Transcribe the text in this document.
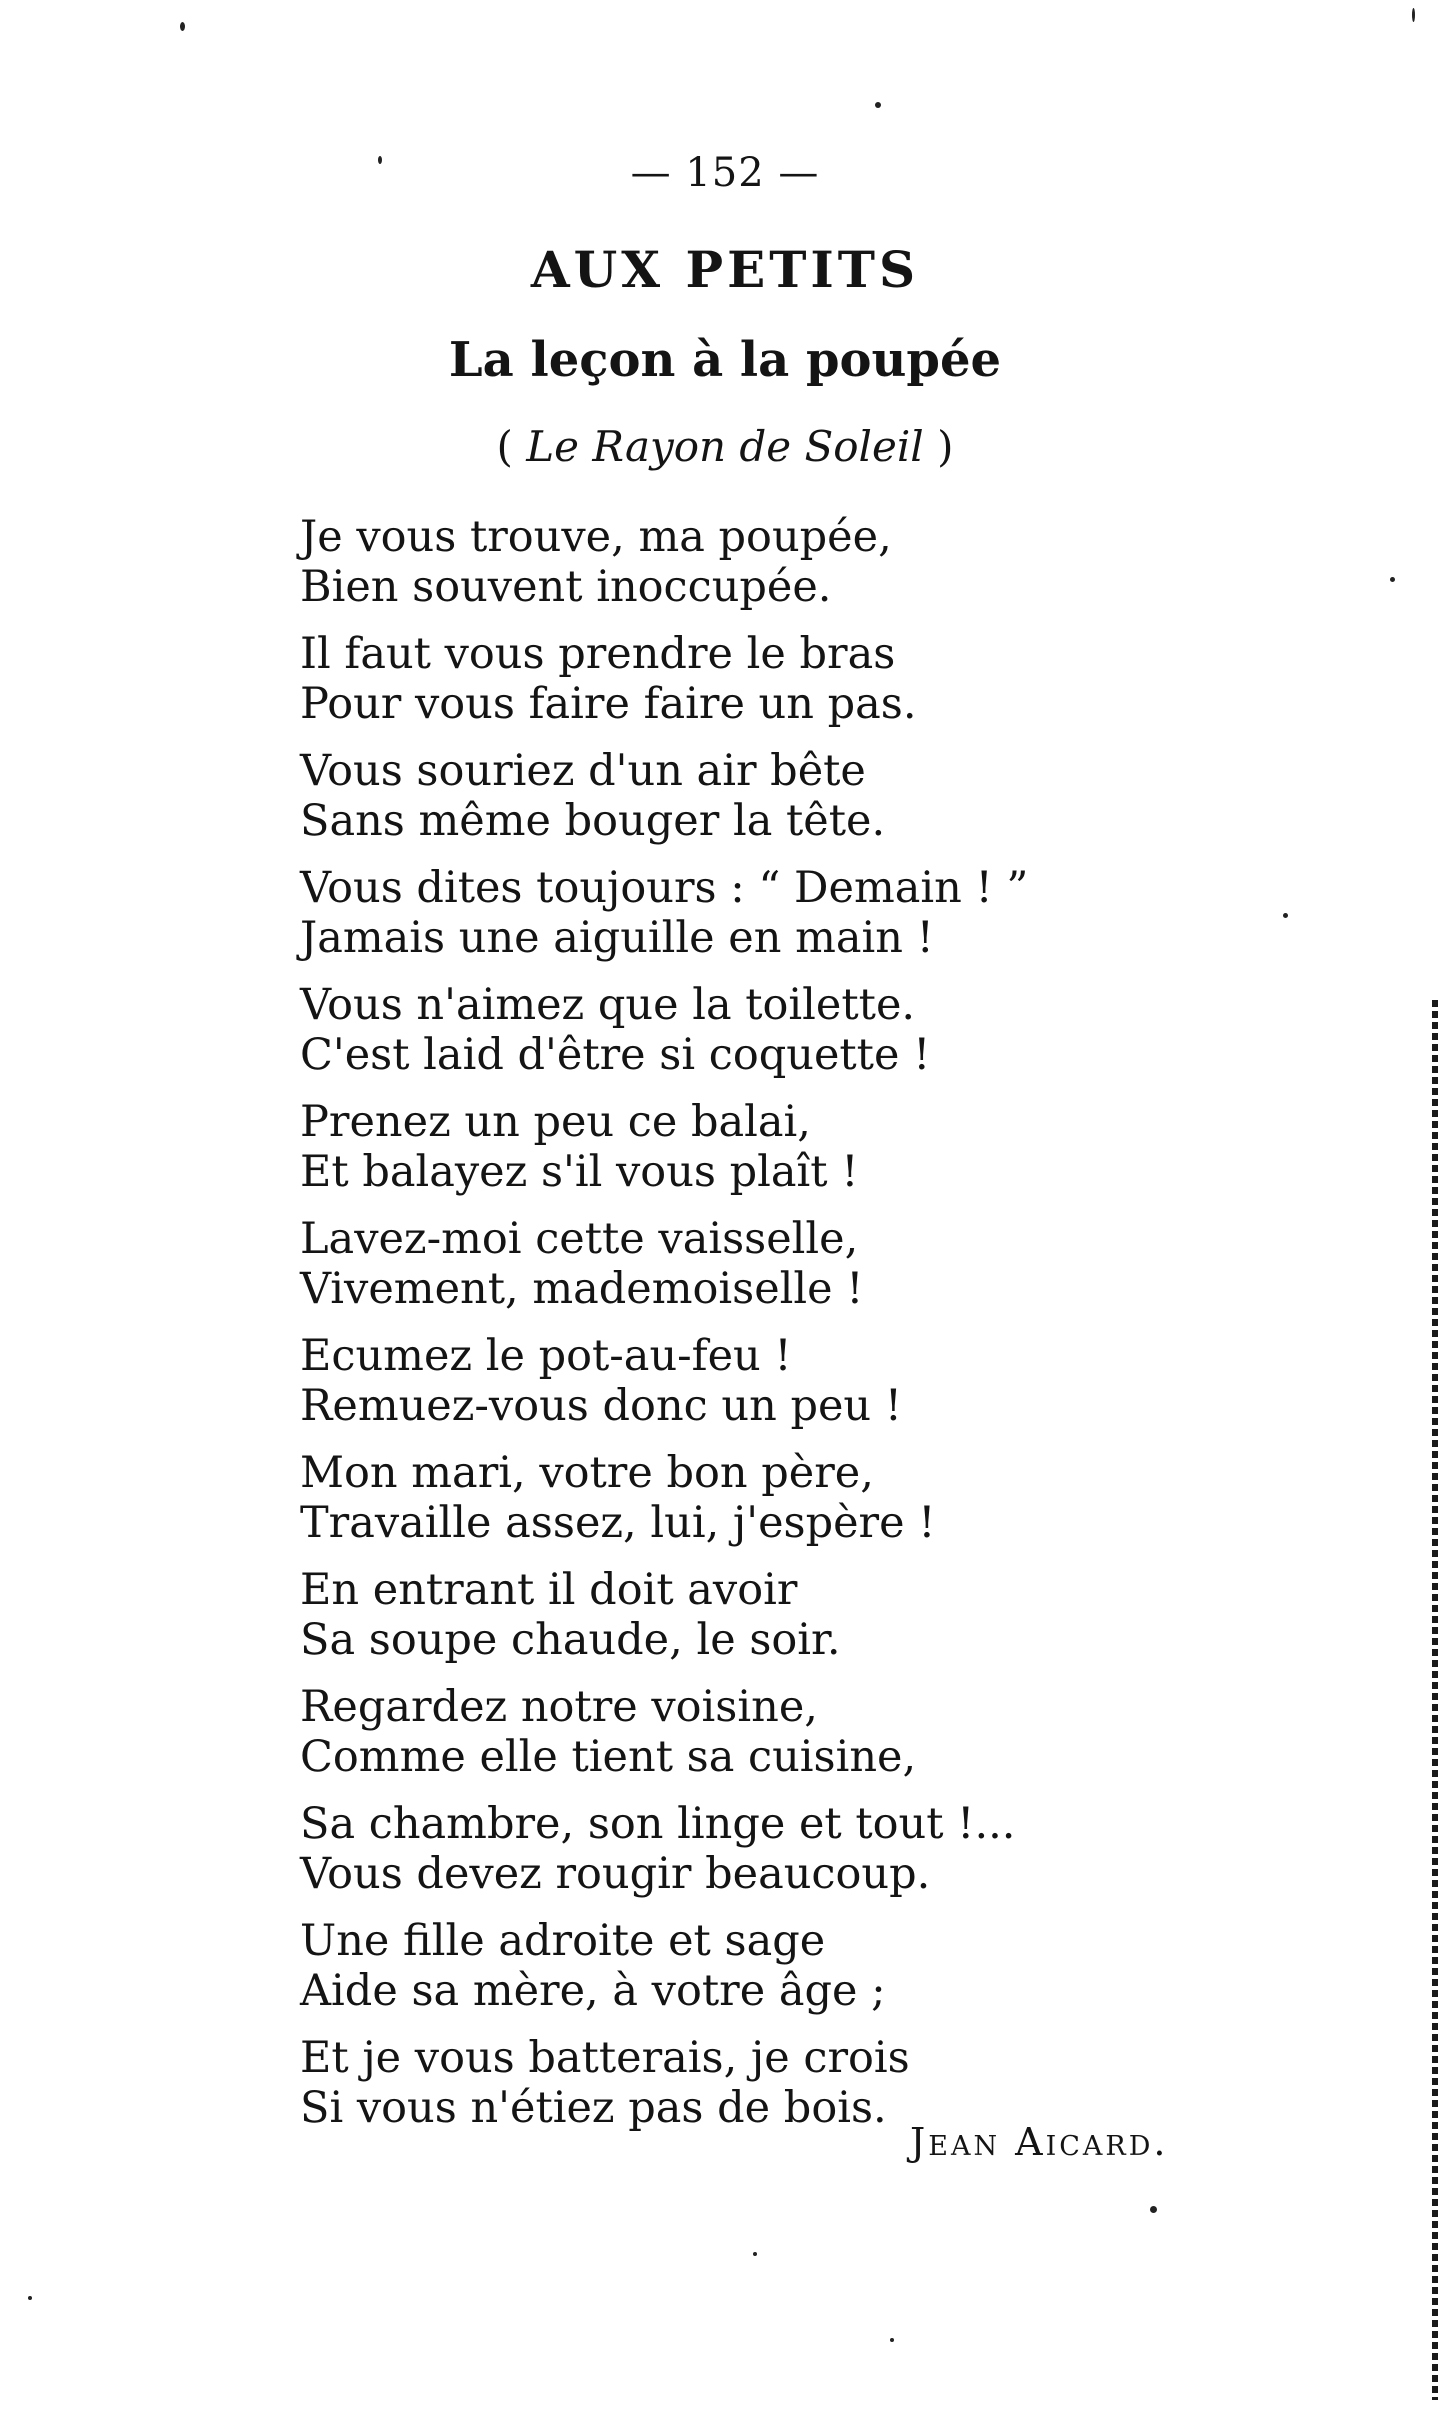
— 152 —
AUX PETITS
La leçon à la poupée
( Le Rayon de Soleil )
Je vous trouve, ma poupée,
Bien souvent inoccupée.
Il faut vous prendre le bras
Pour vous faire faire un pas.
Vous souriez d'un air bête
Sans même bouger la tête.
Vous dites toujours : “ Demain ! ”
Jamais une aiguille en main !
Vous n'aimez que la toilette.
C'est laid d'être si coquette !
Prenez un peu ce balai,
Et balayez s'il vous plaît !
Lavez-moi cette vaisselle,
Vivement, mademoiselle !
Ecumez le pot-au-feu !
Remuez-vous donc un peu !
Mon mari, votre bon père,
Travaille assez, lui, j'espère !
En entrant il doit avoir
Sa soupe chaude, le soir.
Regardez notre voisine,
Comme elle tient sa cuisine,
Sa chambre, son linge et tout !...
Vous devez rougir beaucoup.
Une fille adroite et sage
Aide sa mère, à votre âge ;
Et je vous batterais, je crois
Si vous n'étiez pas de bois.
Jean Aicard.
